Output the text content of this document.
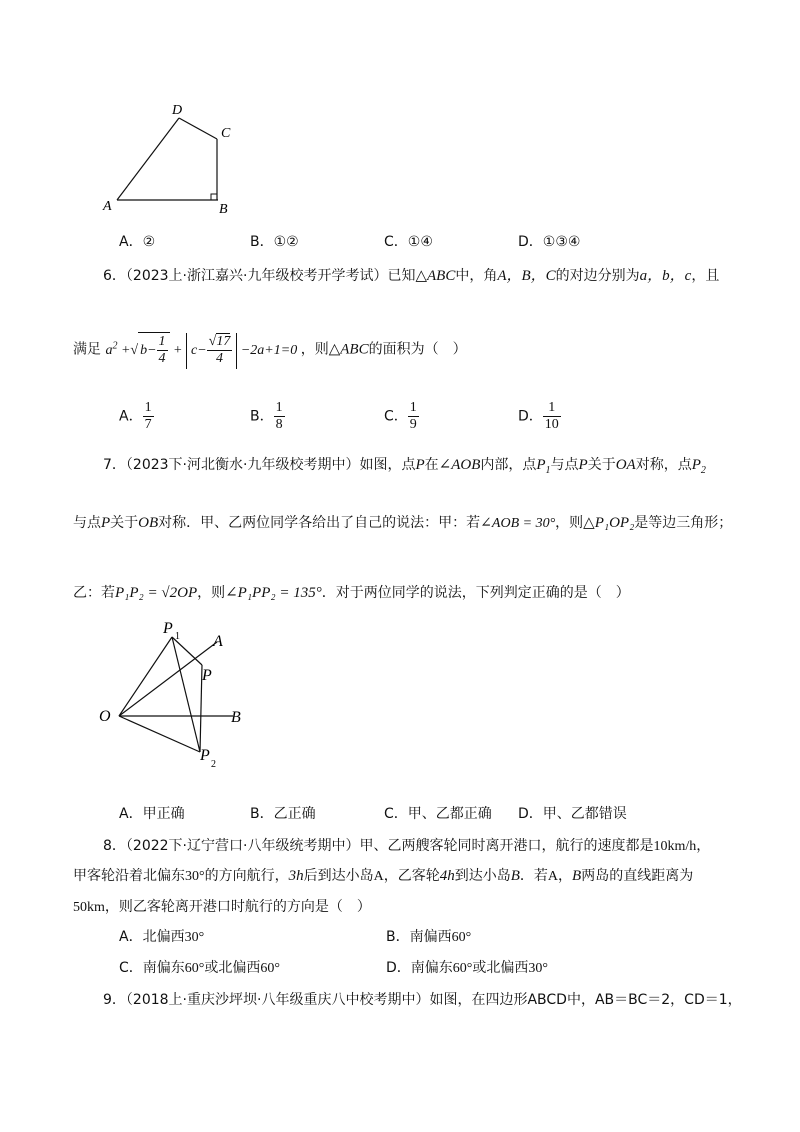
A	B
C
D
A．②	B．①②	C．①④	D．①③④
6．（2023上·浙江嘉兴·九年级校考开学考试）已知△ABC中，角A，B，C的对边分别为a，b，c，且
满足 $a^2$ +√ $b- \frac{1}{4} + c- \frac{√17}{4} -2a+1=0$ ，则△ABC的面积为（　）
A． $\frac{1}{7}$	B． $\frac{1}{8}$	C． $\frac{1}{9}$	D． $\frac{1}{10}$
7．（2023下·河北衡水·九年级校考期中）如图，点P在∠AOB内部，点$P_1$与点P关于OA对称，点$P_2$
与点P关于OB对称．甲、乙两位同学各给出了自己的说法：甲：若∠AOB = 30°，则△P₁OP₂是等边三角形；
乙：若P₁P₂ = √2OP，则∠P₁PP₂ = 135°．对于两位同学的说法，下列判定正确的是（　）
P 1 A
P
O	B
P
2
A．甲正确	B．乙正确	C．甲、乙都正确 D．甲、乙都错误
8．（2022下·辽宁营口·八年级统考期中）甲、乙两艘客轮同时离开港口，航行的速度都是10km/h，
甲客轮沿着北偏东30°的方向航行，3h后到达小岛A，乙客轮4h到达小岛B．若A，B两岛的直线距离为
50km，则乙客轮离开港口时航行的方向是（　）
A．北偏西30°	B．南偏西60°
C．南偏东60°或北偏西60°	D．南偏东60°或北偏西30°
9．（2018上·重庆沙坪坝·八年级重庆八中校考期中）如图，在四边形ABCD中，AB＝BC＝2，CD＝1，
